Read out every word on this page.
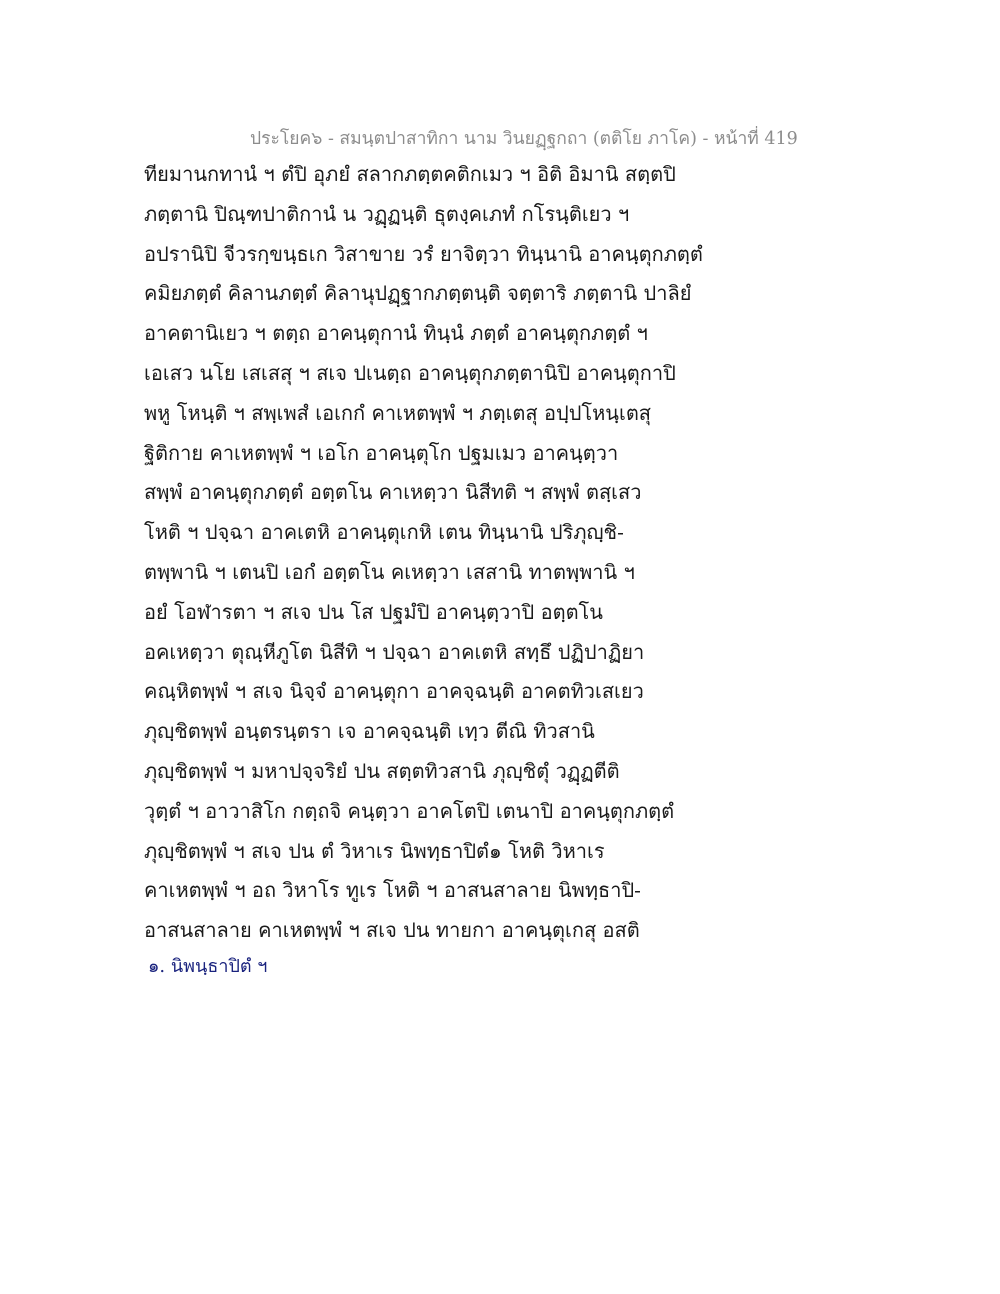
ประโยค๖ - สมนฺตปาสาทิกา นาม วินยฏฺฐกถา (ตติโย ภาโค) - หน้าที่ 419
ทียมานกทานํ ฯ ตํปิ อุภยํ สลากภตฺตคติกเมว ฯ อิติ อิมานิ สตฺตปิ
ภตฺตานิ ปิณฺฑปาติกานํ น วฏฺฏนฺติ ธุตงฺคเภทํ กโรนฺติเยว ฯ
อปรานิปิ จีวรกฺขนฺธเก วิสาขาย วรํ ยาจิตฺวา ทินฺนานิ อาคนฺตุกภตฺตํ
คมิยภตฺตํ คิลานภตฺตํ คิลานุปฏฺฐากภตฺตนฺติ จตฺตาริ ภตฺตานิ ปาลิยํ
อาคตานิเยว ฯ ตตฺถ อาคนฺตุกานํ ทินฺนํ ภตฺตํ อาคนฺตุกภตฺตํ ฯ
เอเสว นโย เสเสสุ ฯ สเจ ปเนตฺถ อาคนฺตุกภตฺตานิปิ อาคนฺตุกาปิ
พหู โหนฺติ ฯ สพฺเพสํ เอเกกํ คาเหตพฺพํ ฯ ภตฺเตสุ อปฺปโหนฺเตสุ
ฐิติกาย คาเหตพฺพํ ฯ เอโก อาคนฺตุโก ปฐมเมว อาคนฺตฺวา
สพฺพํ อาคนฺตุกภตฺตํ อตฺตโน คาเหตฺวา นิสีทติ ฯ สพฺพํ ตสฺเสว
โหติ ฯ ปจฺฉา อาคเตหิ อาคนฺตุเกหิ เตน ทินฺนานิ ปริภุญฺชิ-
ตพฺพานิ ฯ เตนปิ เอกํ อตฺตโน คเหตฺวา เสสานิ ทาตพฺพานิ ฯ
อยํ โอฬารตา ฯ สเจ ปน โส ปฐมํปิ อาคนฺตฺวาปิ อตฺตโน
อคเหตฺวา ตุณฺหีภูโต นิสีทิ ฯ ปจฺฉา อาคเตหิ สทฺธึ ปฏิปาฏิยา
คณฺหิตพฺพํ ฯ สเจ นิจฺจํ อาคนฺตุกา อาคจฺฉนฺติ อาคตทิวเสเยว
ภุญฺชิตพฺพํ อนฺตรนฺตรา เจ อาคจฺฉนฺติ เทฺว ตีณิ ทิวสานิ
ภุญฺชิตพฺพํ ฯ มหาปจฺจริยํ ปน สตฺตทิวสานิ ภุญฺชิตุํ วฏฺฏตีติ
วุตฺตํ ฯ อาวาสิโก กตฺถจิ คนฺตฺวา อาคโตปิ เตนาปิ อาคนฺตุกภตฺตํ
ภุญฺชิตพฺพํ ฯ สเจ ปน ตํ วิหาเร นิพทฺธาปิตํ๑ โหติ วิหาเร
คาเหตพฺพํ ฯ อถ วิหาโร ทูเร โหติ ฯ อาสนสาลาย นิพทฺธาปิ-
อาสนสาลาย คาเหตพฺพํ ฯ สเจ ปน ทายกา อาคนฺตุเกสุ อสติ
๑. นิพนฺธาปิตํ ฯ
